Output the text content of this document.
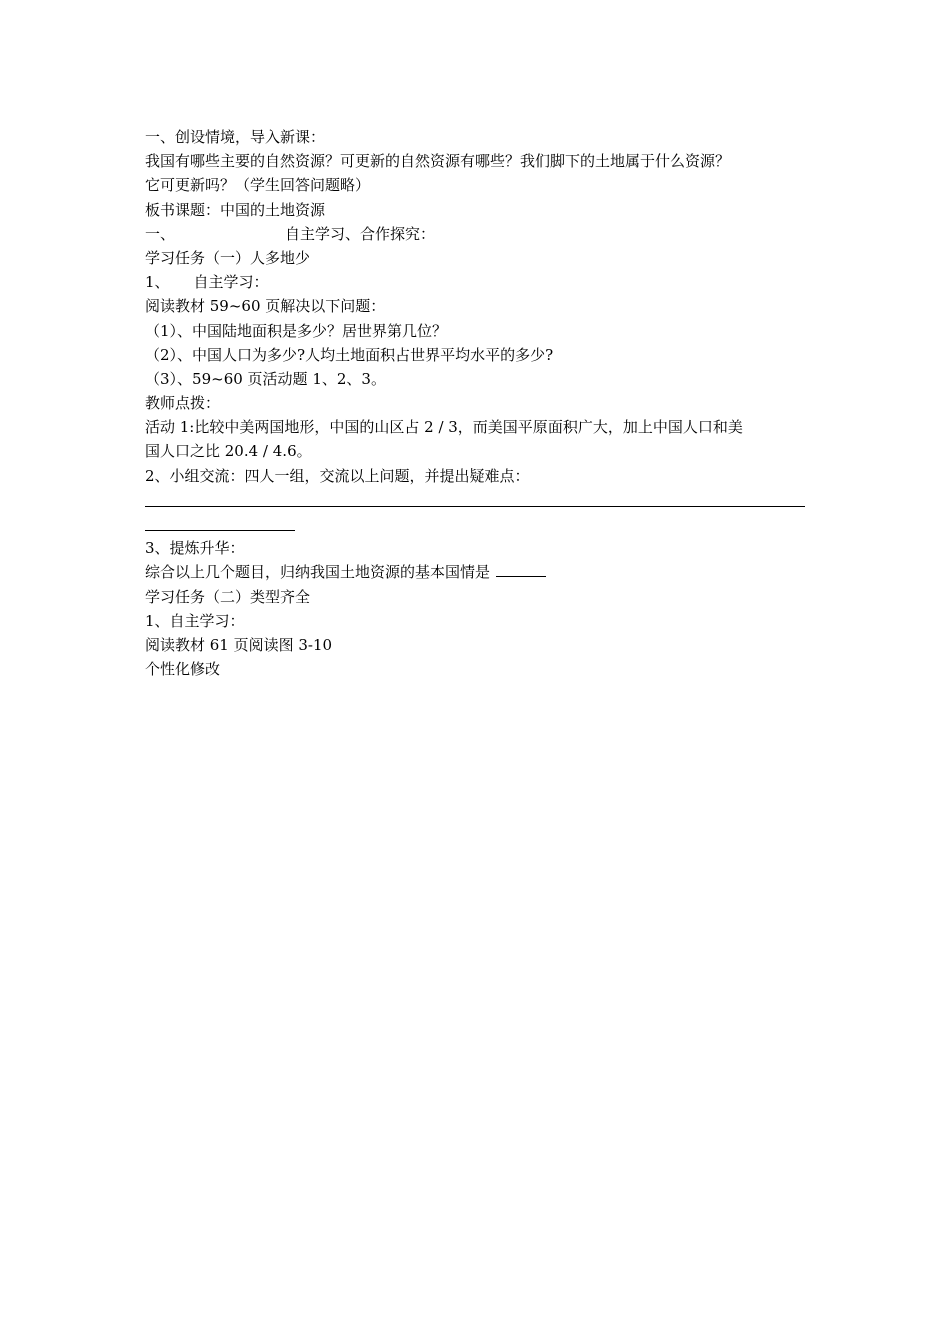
一、创设情境，导入新课：

我国有哪些主要的自然资源？可更新的自然资源有哪些？我们脚下的土地属于什么资源？

它可更新吗？（学生回答问题略）

板书课题：中国的土地资源

一、	自主学习、合作探究：

学习任务（一）人多地少

1、 自主学习：

阅读教材 59~60 页解决以下问题：

（1）、中国陆地面积是多少？居世界第几位？

（2）、中国人口为多少?人均土地面积占世界平均水平的多少?

（3）、59~60 页活动题 1、2、3。

教师点拨：

活动 1:比较中美两国地形，中国的山区占 2 / 3，而美国平原面积广大，加上中国人口和美

国人口之比 20.4 / 4.6。

2、小组交流：四人一组，交流以上问题，并提出疑难点：

3、提炼升华：

综合以上几个题目，归纳我国土地资源的基本国情是

学习任务（二）类型齐全

1、自主学习：

阅读教材 61 页阅读图 3-10

个性化修改
